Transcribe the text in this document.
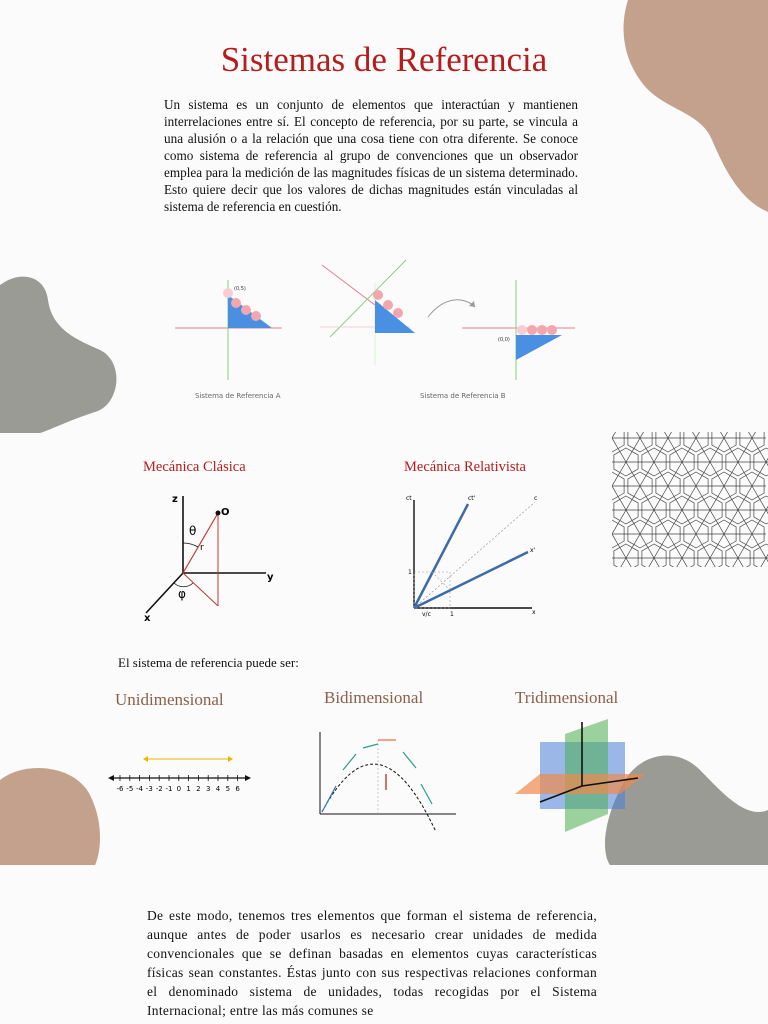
Sistemas de Referencia
Un sistema es un conjunto de elementos que interactúan y mantienen interrelaciones entre sí. El concepto de referencia, por su parte, se vincula a una alusión o a la relación que una cosa tiene con otra diferente. Se conoce como sistema de referencia al grupo de convenciones que un observador emplea para la medición de las magnitudes físicas de un sistema determinado. Esto quiere decir que los valores de dichas magnitudes están vinculadas al sistema de referencia en cuestión.
(0,5)
Sistema de Referencia A	Sistema de Referencia B
(0,0)
Mecánica Clásica	Mecánica Relativista
z
y
x
O
θ
r
φ
ct	ct'	c
x'
x
1
1
v/c
El sistema de referencia puede ser:
Unidimensional	Bidimensional	Tridimensional
-6 -5 -4 -3 -2 -1 0 1 2 3 4 5 6
De este modo, tenemos tres elementos que forman el sistema de referencia, aunque antes de poder usarlos es necesario crear unidades de medida convencionales que se definan basadas en elementos cuyas características físicas sean constantes. Éstas junto con sus respectivas relaciones conforman el denominado sistema de unidades, todas recogidas por el Sistema Internacional; entre las más comunes se
